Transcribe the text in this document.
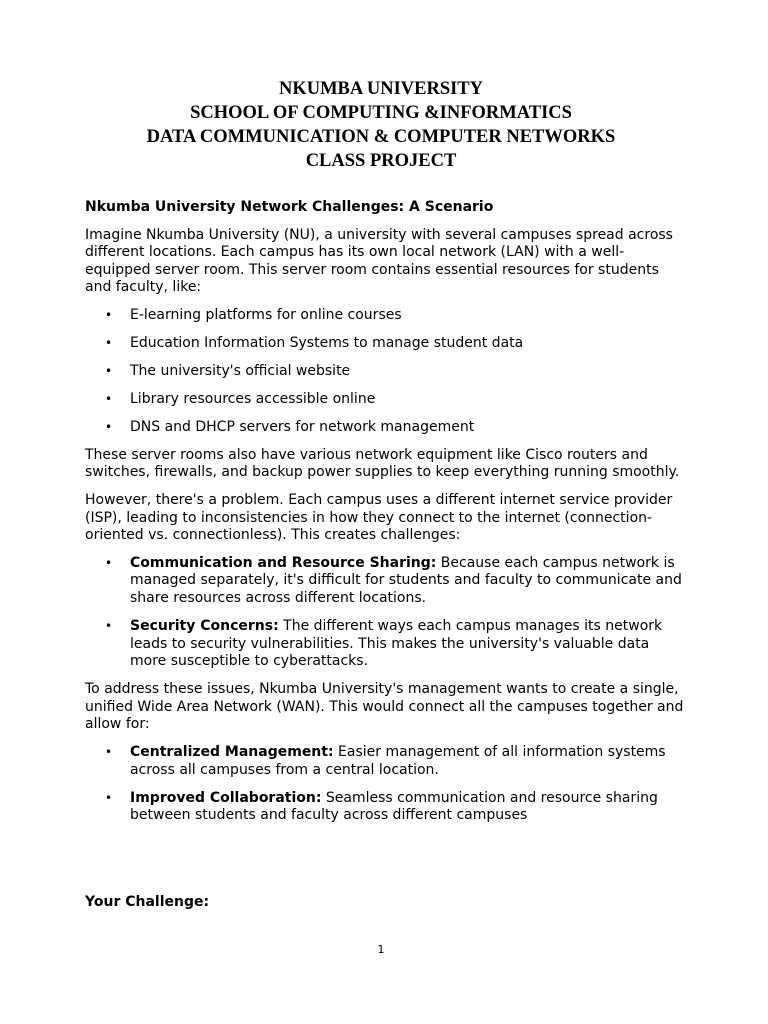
NKUMBA UNIVERSITY
SCHOOL OF COMPUTING &INFORMATICS
DATA COMMUNICATION & COMPUTER NETWORKS
CLASS PROJECT
Nkumba University Network Challenges: A Scenario

Imagine Nkumba University (NU), a university with several campuses spread across different locations. Each campus has its own local network (LAN) with a well-equipped server room. This server room contains essential resources for students and faculty, like:

• E-learning platforms for online courses
• Education Information Systems to manage student data
• The university's official website
• Library resources accessible online
• DNS and DHCP servers for network management

These server rooms also have various network equipment like Cisco routers and switches, firewalls, and backup power supplies to keep everything running smoothly.

However, there's a problem. Each campus uses a different internet service provider (ISP), leading to inconsistencies in how they connect to the internet (connection-oriented vs. connectionless). This creates challenges:

• Communication and Resource Sharing: Because each campus network is managed separately, it's difficult for students and faculty to communicate and share resources across different locations.
• Security Concerns: The different ways each campus manages its network leads to security vulnerabilities. This makes the university's valuable data more susceptible to cyberattacks.

To address these issues, Nkumba University's management wants to create a single, unified Wide Area Network (WAN). This would connect all the campuses together and allow for:

• Centralized Management: Easier management of all information systems across all campuses from a central location.
• Improved Collaboration: Seamless communication and resource sharing between students and faculty across different campuses
Your Challenge:
1
